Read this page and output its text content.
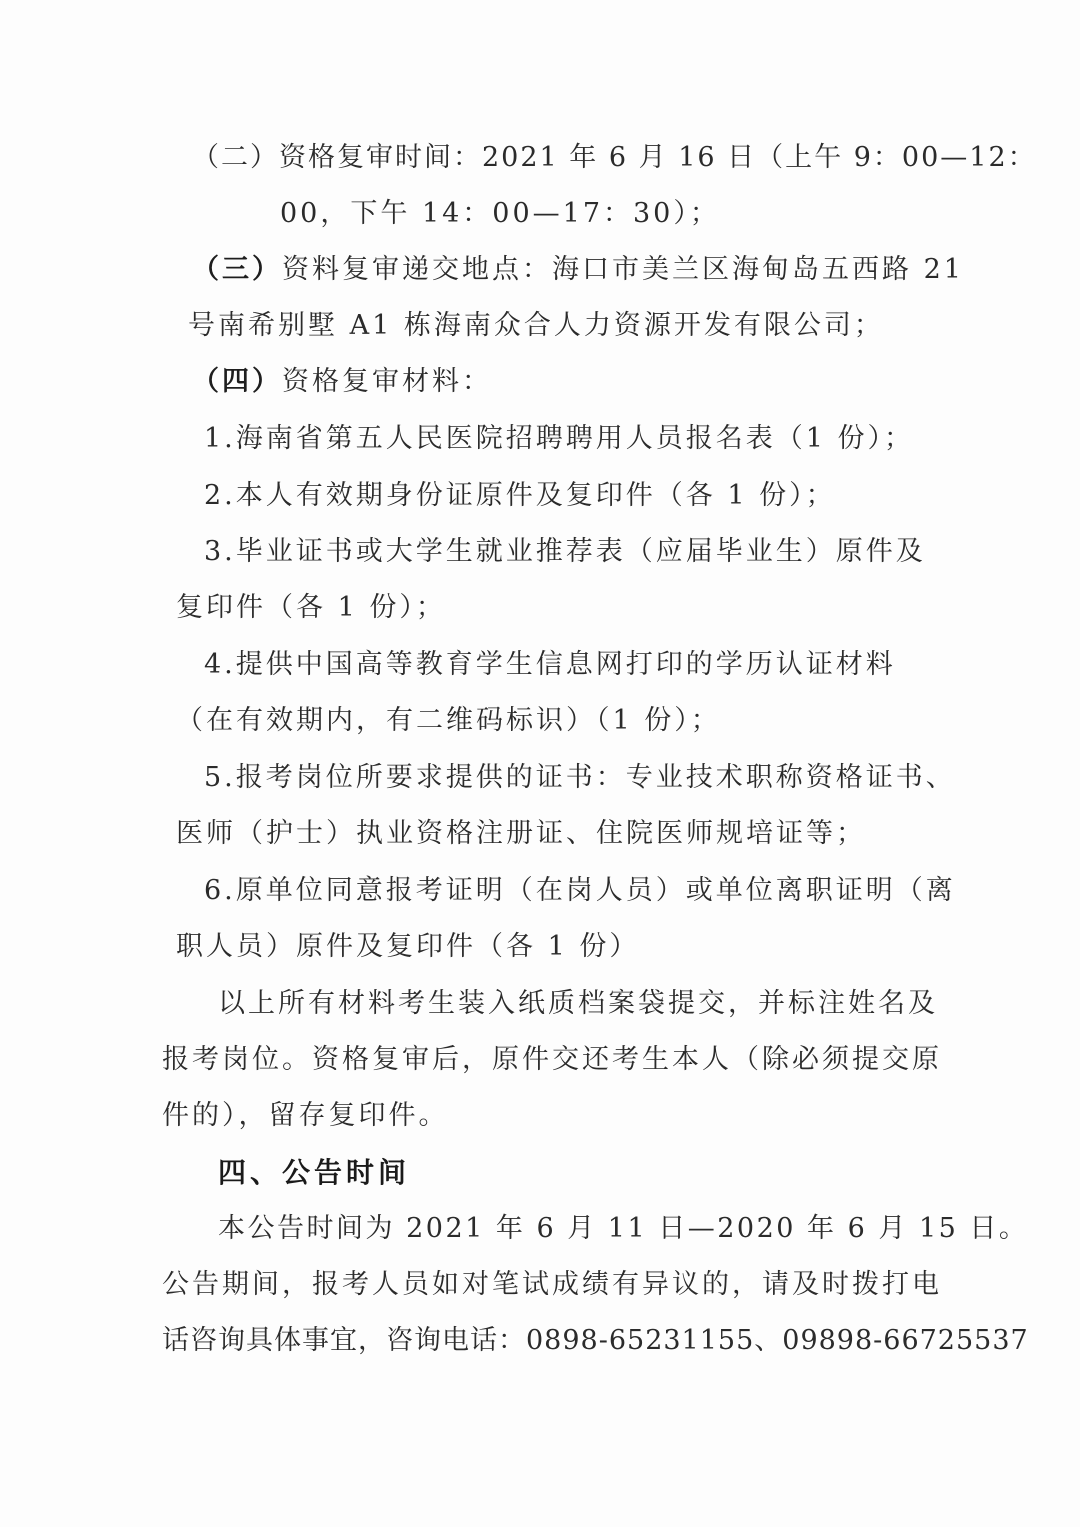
（二）资格复审时间：2021 年 6 月 16 日（上午 9：00—12：
00，下午 14：00—17：30）；
（三）资料复审递交地点：海口市美兰区海甸岛五西路 21
号南希别墅 A1 栋海南众合人力资源开发有限公司；
（四）资格复审材料：
1.海南省第五人民医院招聘聘用人员报名表（1 份）；
2.本人有效期身份证原件及复印件（各 1 份）；
3.毕业证书或大学生就业推荐表（应届毕业生）原件及
复印件（各 1 份）；
4.提供中国高等教育学生信息网打印的学历认证材料
（在有效期内，有二维码标识）（1 份）；
5.报考岗位所要求提供的证书：专业技术职称资格证书、
医师（护士）执业资格注册证、住院医师规培证等；
6.原单位同意报考证明（在岗人员）或单位离职证明（离
职人员）原件及复印件（各 1 份）
以上所有材料考生装入纸质档案袋提交，并标注姓名及
报考岗位。资格复审后，原件交还考生本人（除必须提交原
件的），留存复印件。
四、公告时间
本公告时间为 2021 年 6 月 11 日—2020 年 6 月 15 日。
公告期间，报考人员如对笔试成绩有异议的，请及时拨打电
话咨询具体事宜，咨询电话：0898-65231155、09898-66725537
